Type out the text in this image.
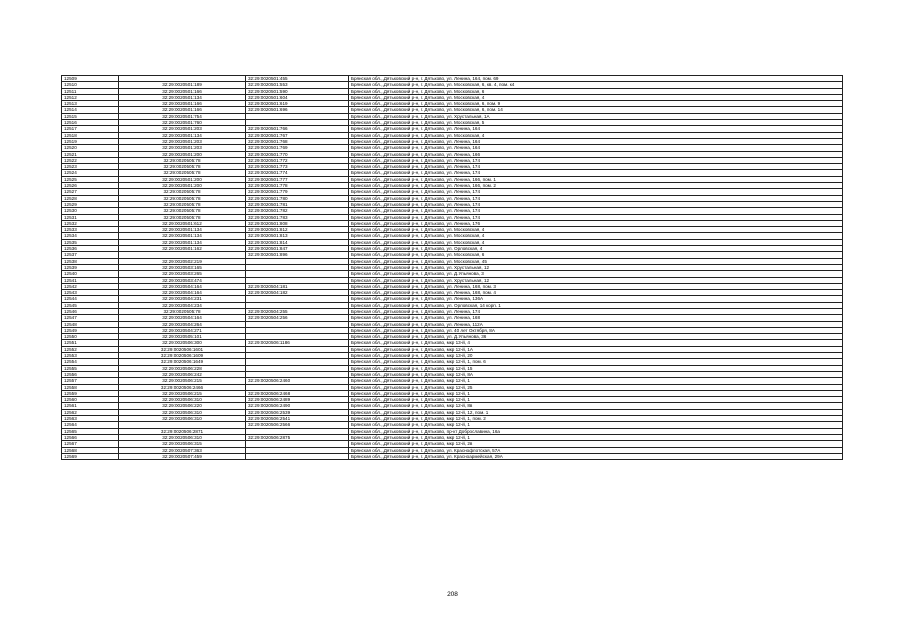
12509		32:29:0020501:455	Брянская обл.,,Дятьковский р-н, г. Дятьково, ул. Ленина, 164, пом. 69
12510	32:29:0020501:189	32:29:0020501:553	Брянская обл.,,Дятьковский р-н, г. Дятьково, ул. Московская, 6, кв. 4, пом. к4
12511	32:29:0020501:166	32:29:0020501:590	Брянская обл.,,Дятьковский р-н, г. Дятьково, ул. Московская, 6
12512	32:29:0020501:134	32:29:0020501:604	Брянская обл.,,Дятьковский р-н, г. Дятьково, ул. Московская, 4
12513	32:29:0020501:166	32:29:0020501:619	Брянская обл.,,Дятьковский р-н, г. Дятьково, ул. Московская, 6, пом. 9
12514	32:29:0020501:166	32:29:0020501:696	Брянская обл.,,Дятьковский р-н, г. Дятьково, ул. Московская, 6, пом. 14
12515	32:29:0020501:754		Брянская обл.,,Дятьковский р-н, г. Дятьково, ул. Хрустальная, 1А
12516	32:29:0020501:760		Брянская обл.,,Дятьковский р-н, г. Дятьково, ул. Московская, 5
12517	32:29:0020501:203	32:29:0020501:766	Брянская обл.,,Дятьковский р-н, г. Дятьково, ул. Ленина, 164
12518	32:29:0020501:134	32:29:0020501:767	Брянская обл.,,Дятьковский р-н, г. Дятьково, ул. Московская, 4
12519	32:29:0020501:203	32:29:0020501:768	Брянская обл.,,Дятьковский р-н, г. Дятьково, ул. Ленина, 164
12520	32:29:0020501:203	32:29:0020501:769	Брянская обл.,,Дятьковский р-н, г. Дятьково, ул. Ленина, 164
12521	32:29:0020501:200	32:29:0020501:770	Брянская обл.,,Дятьковский р-н, г. Дятьково, ул. Ленина, 166
12522	32:29:0020505:78	32:29:0020501:772	Брянская обл.,,Дятьковский р-н, г. Дятьково, ул. Ленина, 174
12523	32:29:0020505:78	32:29:0020501:773	Брянская обл.,,Дятьковский р-н, г. Дятьково, ул. Ленина, 174
12524	32:29:0020505:78	32:29:0020501:774	Брянская обл.,,Дятьковский р-н, г. Дятьково, ул. Ленина, 174
12525	32:29:0020501:200	32:29:0020501:777	Брянская обл.,,Дятьковский р-н, г. Дятьково, ул. Ленина, 166, пом. 1
12526	32:29:0020501:200	32:29:0020501:778	Брянская обл.,,Дятьковский р-н, г. Дятьково, ул. Ленина, 166, пом. 2
12527	32:29:0020505:78	32:29:0020501:779	Брянская обл.,,Дятьковский р-н, г. Дятьково, ул. Ленина, 174
12528	32:29:0020505:78	32:29:0020501:780	Брянская обл.,,Дятьковский р-н, г. Дятьково, ул. Ленина, 174
12529	32:29:0020505:78	32:29:0020501:781	Брянская обл.,,Дятьковский р-н, г. Дятьково, ул. Ленина, 174
12530	32:29:0020505:78	32:29:0020501:782	Брянская обл.,,Дятьковский р-н, г. Дятьково, ул. Ленина, 174
12531	32:29:0020505:78	32:29:0020501:783	Брянская обл.,,Дятьковский р-н, г. Дятьково, ул. Ленина, 174
12532	32:29:0020501:612	32:29:0020501:808	Брянская обл.,,Дятьковский р-н, г. Дятьково, ул. Ленина, 176
12533	32:29:0020501:134	32:29:0020501:812	Брянская обл.,,Дятьковский р-н, г. Дятьково, ул. Московская, 4
12534	32:29:0020501:134	32:29:0020501:813	Брянская обл.,,Дятьковский р-н, г. Дятьково, ул. Московская, 4
12535	32:29:0020501:134	32:29:0020501:814	Брянская обл.,,Дятьковский р-н, г. Дятьково, ул. Московская, 4
12536	32:29:0020501:162	32:29:0020501:847	Брянская обл.,,Дятьковский р-н, г. Дятьково, ул. Орловская, 4
12537		32:29:0020501:896	Брянская обл.,,Дятьковский р-н, г. Дятьково, ул. Московская, 6
12538	32:29:0020502:219		Брянская обл.,,Дятьковский р-н, г. Дятьково, ул. Московская, 45
12539	32:29:0020503:165		Брянская обл.,,Дятьковский р-н, г. Дятьково, ул. Хрустальная, 12
12540	32:29:0020503:265		Брянская обл.,,Дятьковский р-н, г. Дятьково, ул. Д.Ульянова, 3
12541	32:29:0020503:474		Брянская обл.,,Дятьковский р-н, г. Дятьково, ул. Хрустальная, 12
12542	32:29:0020504:164	32:29:0020504:181	Брянская обл.,,Дятьковский р-н, г. Дятьково, ул. Ленина, 168, пом. 3
12543	32:29:0020504:164	32:29:0020504:182	Брянская обл.,,Дятьковский р-н, г. Дятьково, ул. Ленина, 168, пом. 4
12544	32:29:0020504:231		Брянская обл.,,Дятьковский р-н, г. Дятьково, ул. Ленина, 136А
12545	32:29:0020504:234		Брянская обл.,,Дятьковский р-н, г. Дятьково, ул. Орловская, 14 корп. 1
12546	32:29:0020505:78	32:29:0020504:255	Брянская обл.,,Дятьковский р-н, г. Дятьково, ул. Ленина, 174
12547	32:29:0020504:164	32:29:0020504:256	Брянская обл.,,Дятьковский р-н, г. Дятьково, ул. Ленина, 168
12548	32:29:0020504:264		Брянская обл.,,Дятьковский р-н, г. Дятьково, ул. Ленина, 112А
12549	32:29:0020504:271		Брянская обл.,,Дятьковский р-н, г. Дятьково, ул. 40 лет Октября, 8А
12550	32:29:0020505:101		Брянская обл.,,Дятьковский р-н, г. Дятьково, ул. Д.Ульянова, 36
12551	32:29:0020506:300	32:29:0020506:1186	Брянская обл.,,Дятьковский р-н, г. Дятьково, мкр 13-й, 4
12552	32:29:0020506:1601		Брянская обл.,,Дятьковский р-н, г. Дятьково, мкр 12-й, 1А
12553	32:29:0020506:1609		Брянская обл.,,Дятьковский р-н, г. Дятьково, мкр 13-й, 20
12554	32:29:0020506:1649		Брянская обл.,,Дятьковский р-н, г. Дятьково, мкр 12-й, 1, пом. 6
12555	32:29:0020506:228		Брянская обл.,,Дятьковский р-н, г. Дятьково, мкр 12-й, 15
12556	32:29:0020506:242		Брянская обл.,,Дятьковский р-н, г. Дятьково, мкр 12-й, 8А
12557	32:29:0020506:215	32:29:0020506:2460	Брянская обл.,,Дятьковский р-н, г. Дятьково, мкр 12-й, 1
12558	32:29:0020506:2466		Брянская обл.,,Дятьковский р-н, г. Дятьково, мкр 12-й, 25
12559	32:29:0020506:215	32:29:0020506:2468	Брянская обл.,,Дятьковский р-н, г. Дятьково, мкр 12-й, 1
12560	32:29:0020506:310	32:29:0020506:2489	Брянская обл.,,Дятьковский р-н, г. Дятьково, мкр 12-й, 1
12561	32:29:0020506:220	32:29:0020506:2490	Брянская обл.,,Дятьковский р-н, г. Дятьково, мкр 12-й, 8в
12562	32:29:0020506:310	32:29:0020506:2539	Брянская обл.,,Дятьковский р-н, г. Дятьково, мкр 12-й, 12, пом. 1
12563	32:29:0020506:310	32:29:0020506:2541	Брянская обл.,,Дятьковский р-н, г. Дятьково, мкр 12-й, 1, пом. 2
12564		32:29:0020506:2566	Брянская обл.,,Дятьковский р-н, г. Дятьково, мкр 12-й, 1
12565	32:29:0020506:2871		Брянская обл.,,Дятьковский р-н, г. Дятьково, пр-кт Доброславина, 16а
12566	32:29:0020506:310	32:29:0020506:2875	Брянская обл.,,Дятьковский р-н, г. Дятьково, мкр 12-й, 1
12567	32:29:0020506:315		Брянская обл.,,Дятьковский р-н, г. Дятьково, мкр 12-й, 2в
12568	32:29:0020507:363		Брянская обл.,,Дятьковский р-н, г. Дятьково, ул. Краснофлотская, 57А
12569	32:29:0020507:459		Брянская обл.,,Дятьковский р-н, г. Дятьково, ул. Красноармейская, 29А
208
